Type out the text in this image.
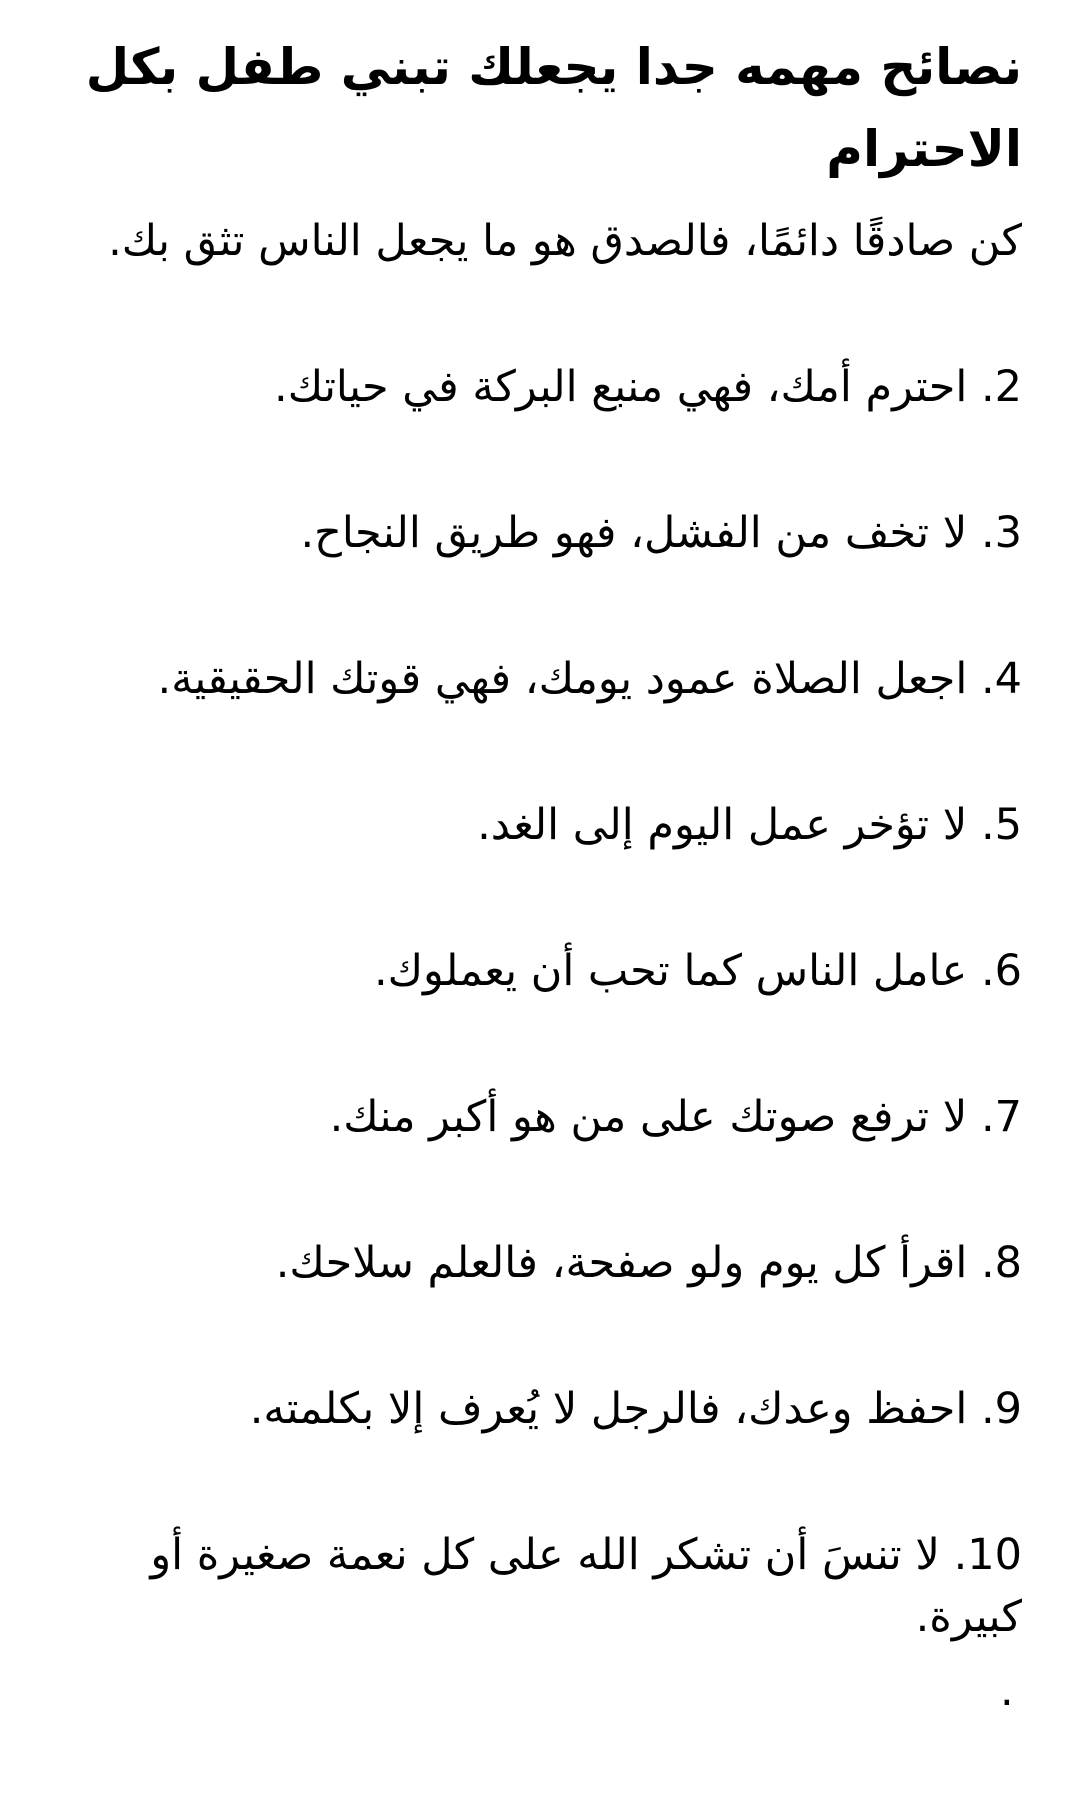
نصائح مهمه جدا يجعلك تبني طفل بكل الاحترام

كن صادقًا دائمًا، فالصدق هو ما يجعل الناس تثق بك.

2. احترم أمك، فهي منبع البركة في حياتك.
3. لا تخف من الفشل، فهو طريق النجاح.
4. اجعل الصلاة عمود يومك، فهي قوتك الحقيقية.
5. لا تؤخر عمل اليوم إلى الغد.
6. عامل الناس كما تحب أن يعملوك.
7. لا ترفع صوتك على من هو أكبر منك.
8. اقرأ كل يوم ولو صفحة، فالعلم سلاحك.
9. احفظ وعدك، فالرجل لا يُعرف إلا بكلمته.
10. لا تنسَ أن تشكر الله على كل نعمة صغيرة أو كبيرة.
.
